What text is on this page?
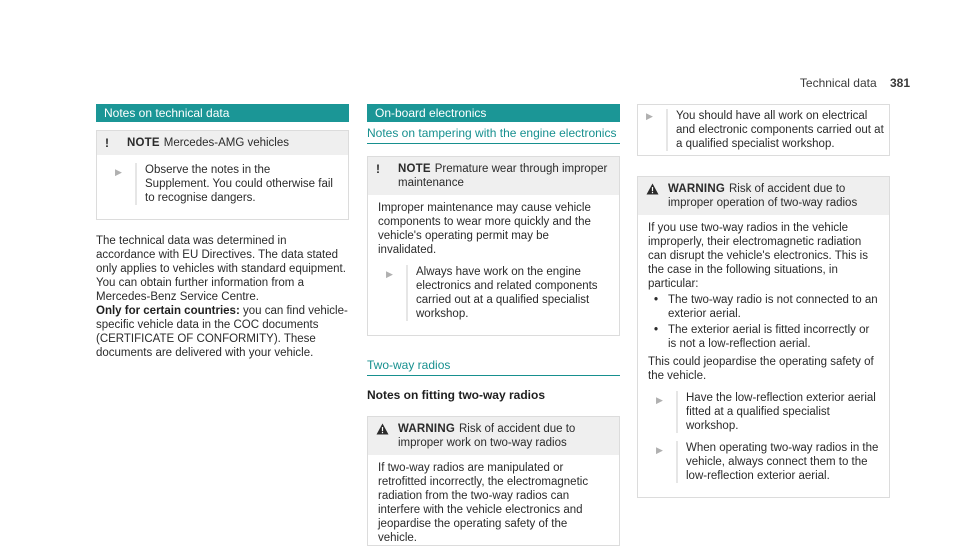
Technical data 381
Notes on technical data
!	NOTE Mercedes-AMG vehicles
▶	Observe the notes in the Supplement. You could otherwise fail to recognise dangers.

The technical data was determined in accordance with EU Directives. The data stated only applies to vehicles with standard equipment. You can obtain further information from a Mercedes-Benz Service Centre.

Only for certain countries: you can find vehicle-specific vehicle data in the COC documents (CERTIFICATE OF CONFORMITY). These documents are delivered with your vehicle.

On-board electronics
Notes on tampering with the engine electronics
!	NOTE Premature wear through improper maintenance

Improper maintenance may cause vehicle components to wear more quickly and the vehicle's operating permit may be invalidated.

▶	Always have work on the engine electronics and related components carried out at a qualified specialist workshop.
Two-way radios
Notes on fitting two-way radios
WARNING Risk of accident due to improper work on two-way radios

If two-way radios are manipulated or retrofitted incorrectly, the electromagnetic radiation from the two-way radios can interfere with the vehicle electronics and jeopardise the operating safety of the vehicle.

▶	You should have all work on electrical and electronic components carried out at a qualified specialist workshop.
WARNING Risk of accident due to improper operation of two-way radios

If you use two-way radios in the vehicle improperly, their electromagnetic radiation can disrupt the vehicle's electronics. This is the case in the following situations, in particular:

• The two-way radio is not connected to an exterior aerial.
• The exterior aerial is fitted incorrectly or is not a low-reflection aerial.

This could jeopardise the operating safety of the vehicle.

▶	Have the low-reflection exterior aerial fitted at a qualified specialist workshop.
▶	When operating two-way radios in the vehicle, always connect them to the low-reflection exterior aerial.
